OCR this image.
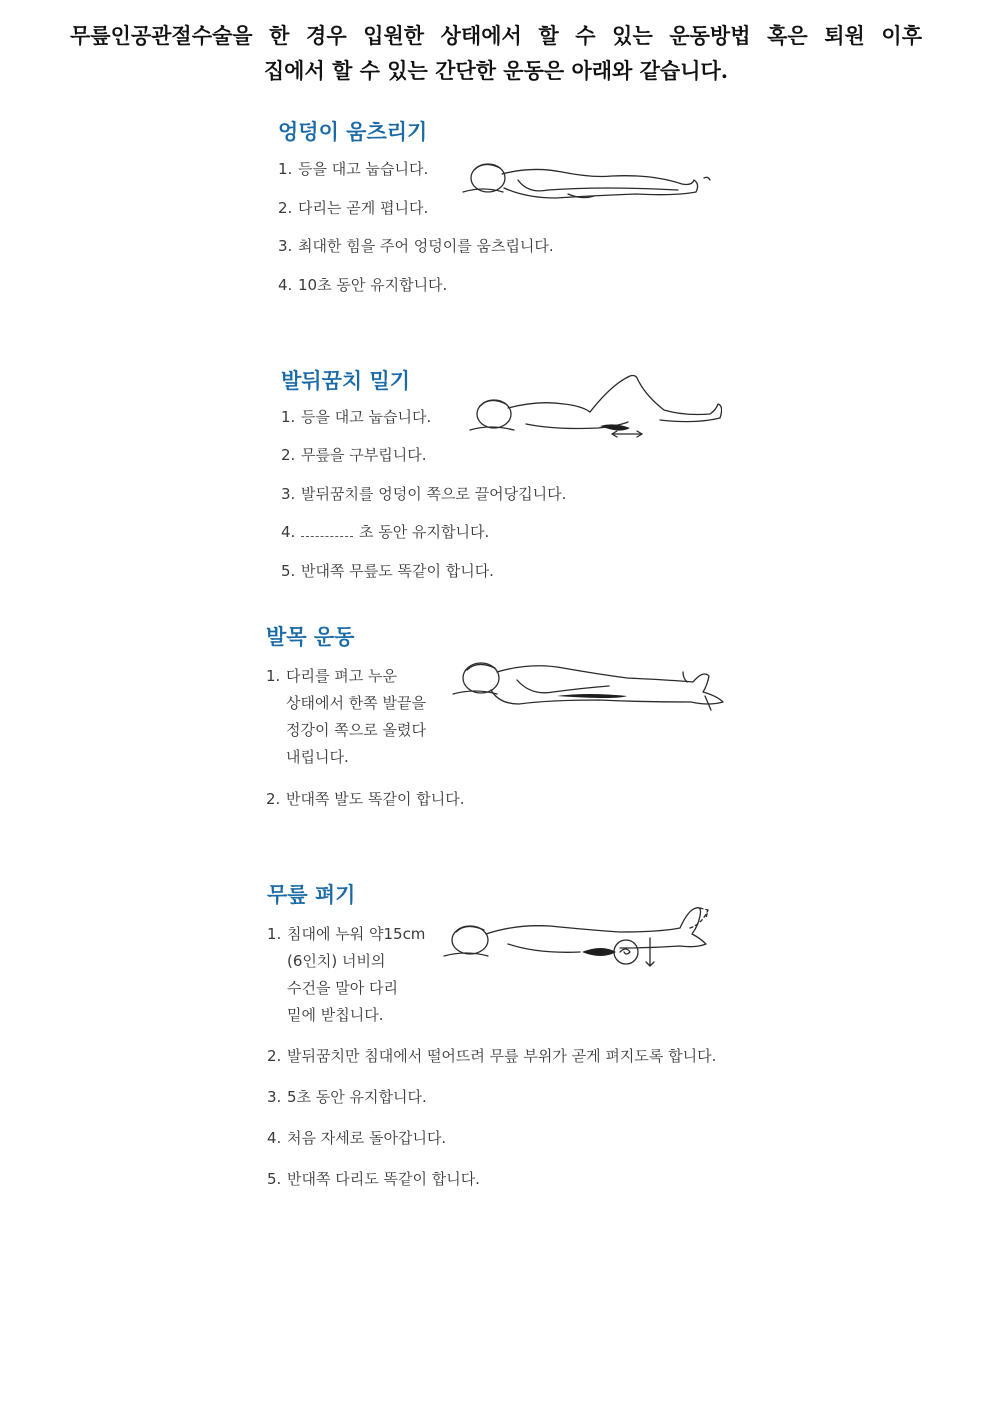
무릎인공관절수술을 한 경우 입원한 상태에서 할 수 있는 운동방법 혹은 퇴원 이후
집에서 할 수 있는 간단한 운동은 아래와 같습니다.
엉덩이 움츠리기
1. 등을 대고 눕습니다.
2. 다리는 곧게 폅니다.
3. 최대한 힘을 주어 엉덩이를 움츠립니다.
4. 10초 동안 유지합니다.
발뒤꿈치 밀기
1. 등을 대고 눕습니다.
2. 무릎을 구부립니다.
3. 발뒤꿈치를 엉덩이 쪽으로 끌어당깁니다.
4.	초 동안 유지합니다.
5. 반대쪽 무릎도 똑같이 합니다.
발목 운동
1. 다리를 펴고 누운
상태에서 한쪽 발끝을
정강이 쪽으로 올렸다
내립니다.
2. 반대쪽 발도 똑같이 합니다.
무릎 펴기
1. 침대에 누워 약15cm
(6인치) 너비의
수건을 말아 다리
밑에 받칩니다.
2. 발뒤꿈치만 침대에서 떨어뜨려 무릎 부위가 곧게 펴지도록 합니다.
3. 5초 동안 유지합니다.
4. 처음 자세로 돌아갑니다.
5. 반대쪽 다리도 똑같이 합니다.
